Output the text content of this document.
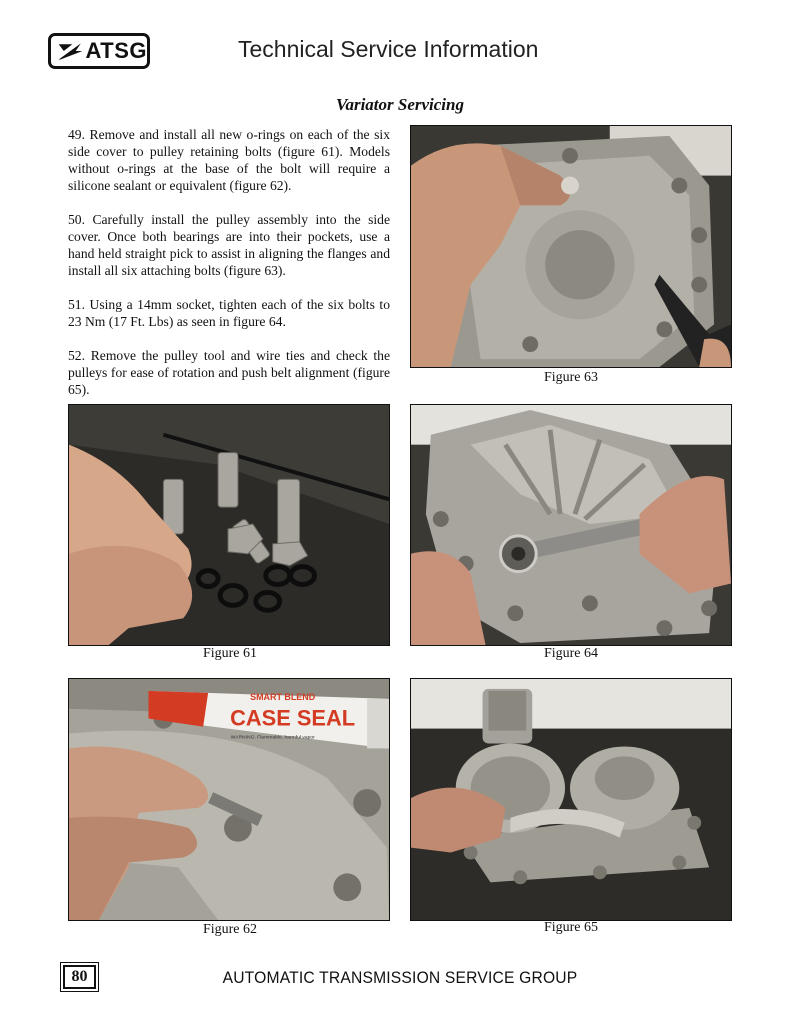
ATSG	Technical Service Information
Variator Servicing

49. Remove and install all new o-rings on each of the six side cover to pulley retaining bolts (figure 61). Models without o-rings at the base of the bolt will require a silicone sealant or equivalent (figure 62).

50. Carefully install the pulley assembly into the side cover. Once both bearings are into their pockets, use a hand held straight pick to assist in aligning the flanges and install all six attaching bolts (figure 63).

51. Using a 14mm socket, tighten each of the six bolts to 23 Nm (17 Ft. Lbs) as seen in figure 64.

52. Remove the pulley tool and wire ties and check the pulleys for ease of rotation and push belt alignment (figure 65).

Figure 63
Figure 61	Figure 64
SMART BLEND
CASE SEAL
WARNING: Flammable, harmful vapor
Figure 62	Figure 65
80	AUTOMATIC TRANSMISSION SERVICE GROUP
